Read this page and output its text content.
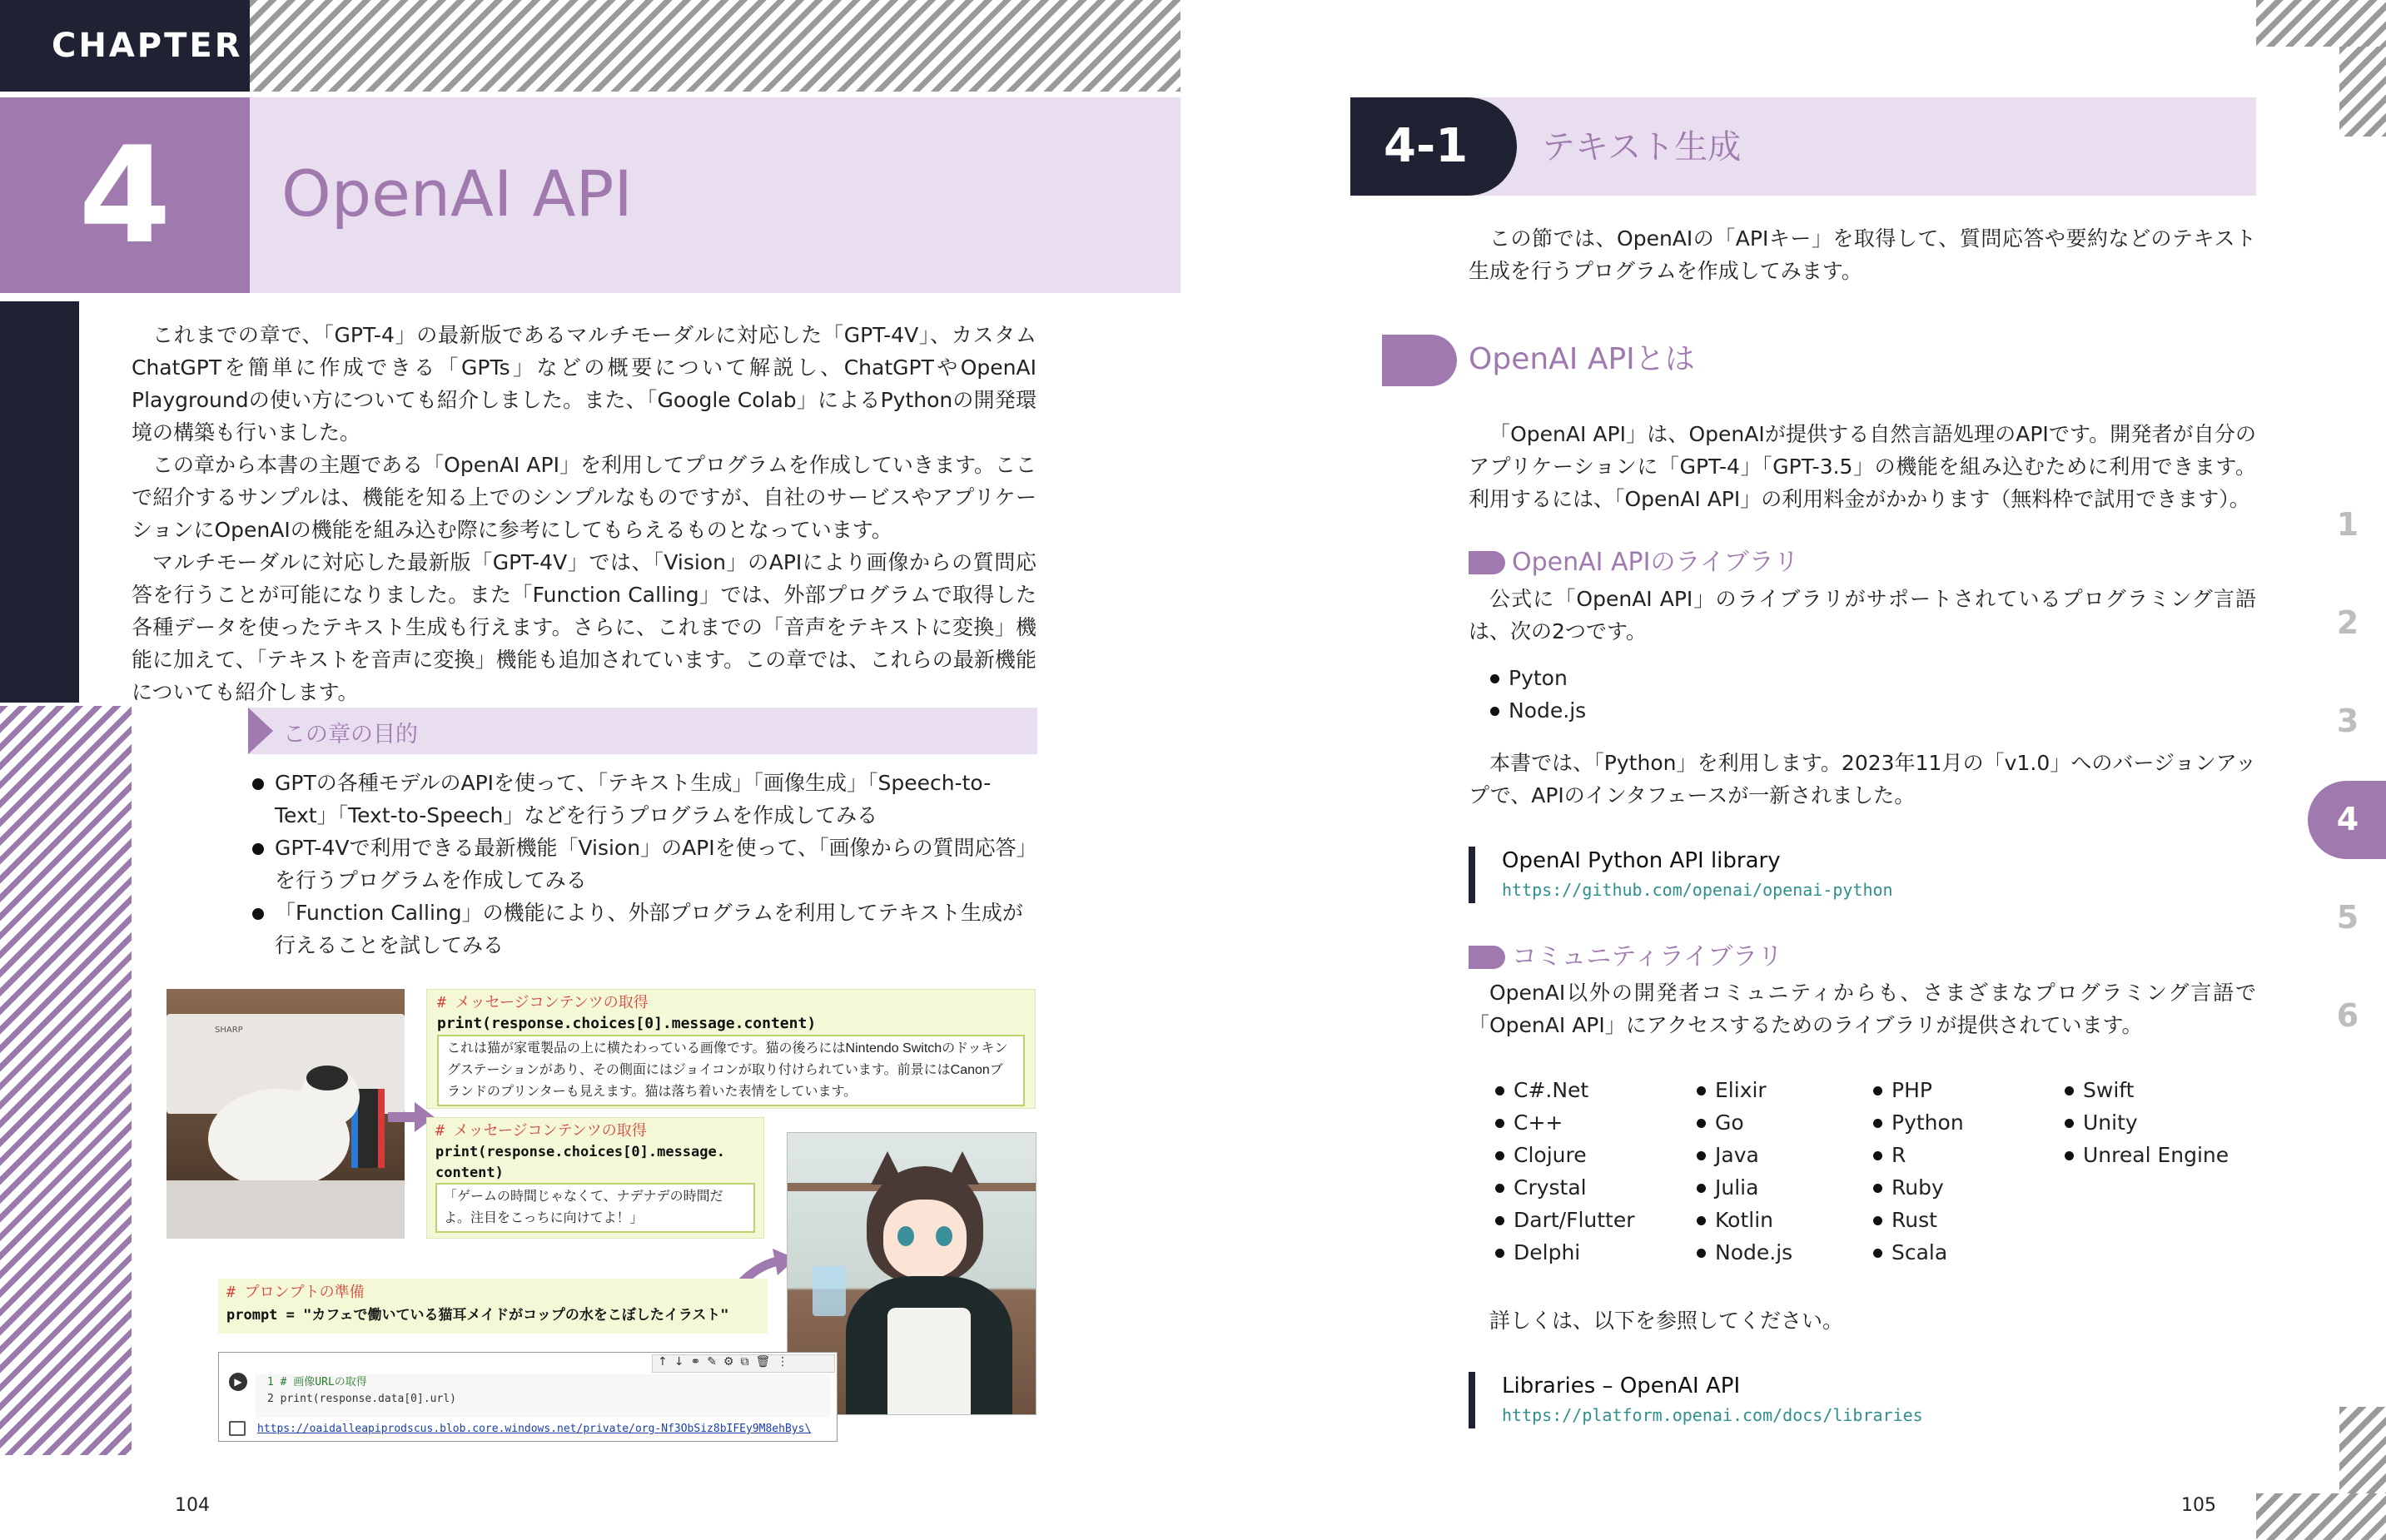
CHAPTER
4	OpenAI API

これまでの章で、「GPT-4」の最新版であるマルチモーダルに対応した「GPT-4V」、カスタムChatGPTを簡単に作成できる「GPTs」などの概要について解説し、ChatGPTやOpenAI Playgroundの使い方についても紹介しました。また、「Google Colab」によるPythonの開発環境の構築も行いました。

この章から本書の主題である「OpenAI API」を利用してプログラムを作成していきます。ここで紹介するサンプルは、機能を知る上でのシンプルなものですが、自社のサービスやアプリケーションにOpenAIの機能を組み込む際に参考にしてもらえるものとなっています。

マルチモーダルに対応した最新版「GPT-4V」では、「Vision」のAPIにより画像からの質問応答を行うことが可能になりました。また「Function Calling」では、外部プログラムで取得した各種データを使ったテキスト生成も行えます。さらに、これまでの「音声をテキストに変換」機能に加えて、「テキストを音声に変換」機能も追加されています。この章では、これらの最新機能についても紹介します。

この章の目的
GPTの各種モデルのAPIを使って、「テキスト生成」「画像生成」「Speech-to-Text」「Text-to-Speech」などを行うプログラムを作成してみる
GPT-4Vで利用できる最新機能「Vision」のAPIを使って、「画像からの質問応答」を行うプログラムを作成してみる
「Function Calling」の機能により、外部プログラムを利用してテキスト生成が行えることを試してみる
SHARP
# メッセージコンテンツの取得
print(response.choices[0].message.content)
これは猫が家電製品の上に横たわっている画像です。猫の後ろにはNintendo Switchのドッキングステーションがあり、その側面にはジョイコンが取り付けられています。前景にはCanonブランドのプリンターも見えます。猫は落ち着いた表情をしています。
# メッセージコンテンツの取得
print(response.choices[0].message.
content)
「ゲームの時間じゃなくて、ナデナデの時間だよ。注目をこっちに向けてよ！」
# プロンプトの準備
prompt = "カフェで働いている猫耳メイドがコップの水をこぼしたイラスト"
↑↓⚭✎⚙⧉🗑⋮
▶	1 # 画像URLの取得
2 print(response.data[0].url)
https://oaidalleapiprodscus.blob.core.windows.net/private/org-Nf3ObSiz8bIFEy9M8ehBys\
104
4-1 テキスト生成

この節では、OpenAIの「APIキー」を取得して、質問応答や要約などのテキスト生成を行うプログラムを作成してみます。

OpenAI APIとは

「OpenAI API」は、OpenAIが提供する自然言語処理のAPIです。開発者が自分のアプリケーションに「GPT-4」「GPT-3.5」の機能を組み込むために利用できます。利用するには、「OpenAI API」の利用料金がかかります（無料枠で試用できます）。

OpenAI APIのライブラリ

公式に「OpenAI API」のライブラリがサポートされているプログラミング言語は、次の2つです。

Pyton
Node.js

本書では、「Python」を利用します。2023年11月の「v1.0」へのバージョンアップで、APIのインタフェースが一新されました。

OpenAI Python API library
https://github.com/openai/openai-python
コミュニティライブラリ

OpenAI以外の開発者コミュニティからも、さまざまなプログラミング言語で「OpenAI API」にアクセスするためのライブラリが提供されています。

C#.Net
C++
Clojure
Crystal
Dart/Flutter
Delphi
Elixir
Go
Java
Julia
Kotlin
Node.js
PHP
Python
R
Ruby
Rust
Scala
Swift
Unity
Unreal Engine

詳しくは、以下を参照してください。

Libraries – OpenAI API
https://platform.openai.com/docs/libraries
1
2
3
4
5
6
105
